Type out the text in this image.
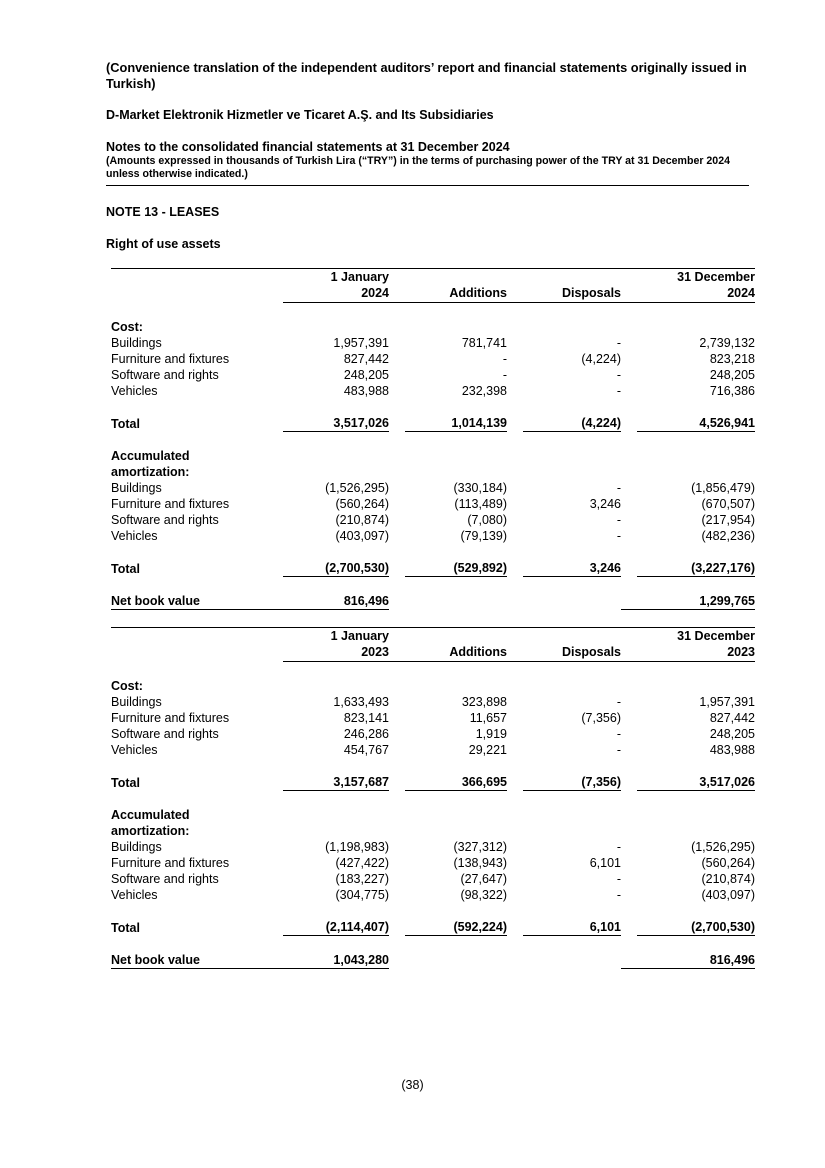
(Convenience translation of the independent auditors’ report and financial statements originally issued in Turkish)
D-Market Elektronik Hizmetler ve Ticaret A.Ş. and Its Subsidiaries
Notes to the consolidated financial statements at 31 December 2024
(Amounts expressed in thousands of Turkish Lira (“TRY”) in the terms of purchasing power of the TRY at 31 December 2024 unless otherwise indicated.)
NOTE 13 - LEASES
Right of use assets
	1 January
2024		Additions		Disposals		31 December
2024

Cost:							
Buildings	1,957,391		781,741		-		2,739,132
Furniture and fixtures	827,442		-		(4,224)		823,218
Software and rights	248,205		-		-		248,205
Vehicles	483,988		232,398		-		716,386

Total	3,517,026		1,014,139		(4,224)		4,526,941

Accumulated
amortization:							
Buildings	(1,526,295)		(330,184)		-		(1,856,479)
Furniture and fixtures	(560,264)		(113,489)		3,246		(670,507)
Software and rights	(210,874)		(7,080)		-		(217,954)
Vehicles	(403,097)		(79,139)		-		(482,236)

Total	(2,700,530)		(529,892)		3,246		(3,227,176)

Net book value	816,496						1,299,765
	1 January
2023		Additions		Disposals		31 December
2023

Cost:							
Buildings	1,633,493		323,898		-		1,957,391
Furniture and fixtures	823,141		11,657		(7,356)		827,442
Software and rights	246,286		1,919		-		248,205
Vehicles	454,767		29,221		-		483,988

Total	3,157,687		366,695		(7,356)		3,517,026

Accumulated
amortization:							
Buildings	(1,198,983)		(327,312)		-		(1,526,295)
Furniture and fixtures	(427,422)		(138,943)		6,101		(560,264)
Software and rights	(183,227)		(27,647)		-		(210,874)
Vehicles	(304,775)		(98,322)		-		(403,097)

Total	(2,114,407)		(592,224)		6,101		(2,700,530)

Net book value	1,043,280						816,496
(38)
